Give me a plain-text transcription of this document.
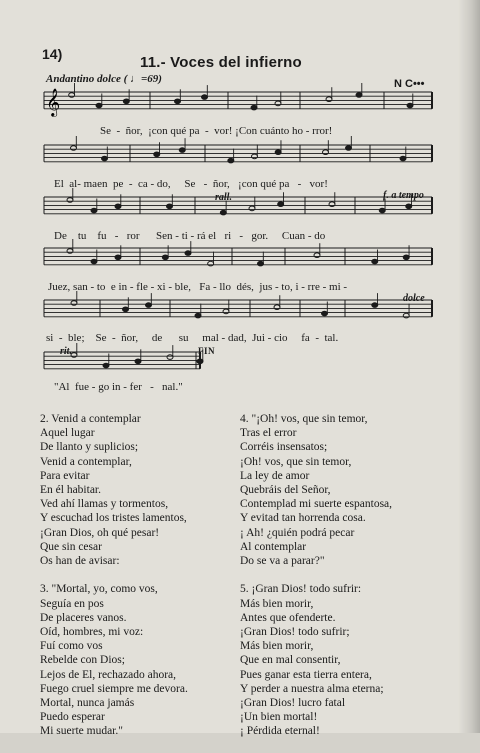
14)	11.- Voces del infierno
Andantino dolce ( ♩=69)	N C•••
𝄞
rall.	f. a tempo
dolce
rit.	FIN
Se  -  ñor,  ¡con qué pa  -  vor! ¡Con cuánto ho - rror!
El  al- maen  pe  -  ca - do,     Se   -  ñor,   ¡con qué pa   -   vor!
De    tu    fu   -   ror      Sen - ti - rá el   ri   -   gor.     Cuan - do
Juez, san - to  e in - fle - xi - ble,   Fa - llo  dés,  jus - to, i - rre - mi -
si  -  ble;    Se  -  ñor,     de      su     mal - dad,  Jui - cio     fa  -  tal.
"Al  fue - go in - fer   -   nal."
2. Venid a contemplar
Aquel lugar
De llanto y suplicios;
Venid a contemplar,
Para evitar
En él habitar.
Ved ahí llamas y tormentos,
Y escuchad los tristes lamentos,
¡Gran Dios, oh qué pesar!
Que sin cesar
Os han de avisar:
3. "Mortal, yo, como vos,
Seguía en pos
De placeres vanos.
Oíd, hombres, mi voz:
Fuí como vos
Rebelde con Dios;
Lejos de El, rechazado ahora,
Fuego cruel siempre me devora.
Mortal, nunca jamás
Puedo esperar
Mi suerte mudar."
4. "¡Oh! vos, que sin temor,
Tras el error
Corréis insensatos;
¡Oh! vos, que sin temor,
La ley de amor
Quebráis del Señor,
Contemplad mi suerte espantosa,
Y evitad tan horrenda cosa.
¡ Ah! ¿quién podrá pecar
Al contemplar
Do se va a parar?"
5. ¡Gran Dios! todo sufrir:
Más bien morir,
Antes que ofenderte.
¡Gran Dios! todo sufrir;
Más bien morir,
Que en mal consentir,
Pues ganar esta tierra entera,
Y perder a nuestra alma eterna;
¡Gran Dios! lucro fatal
¡Un bien mortal!
¡ Pérdida eternal!
